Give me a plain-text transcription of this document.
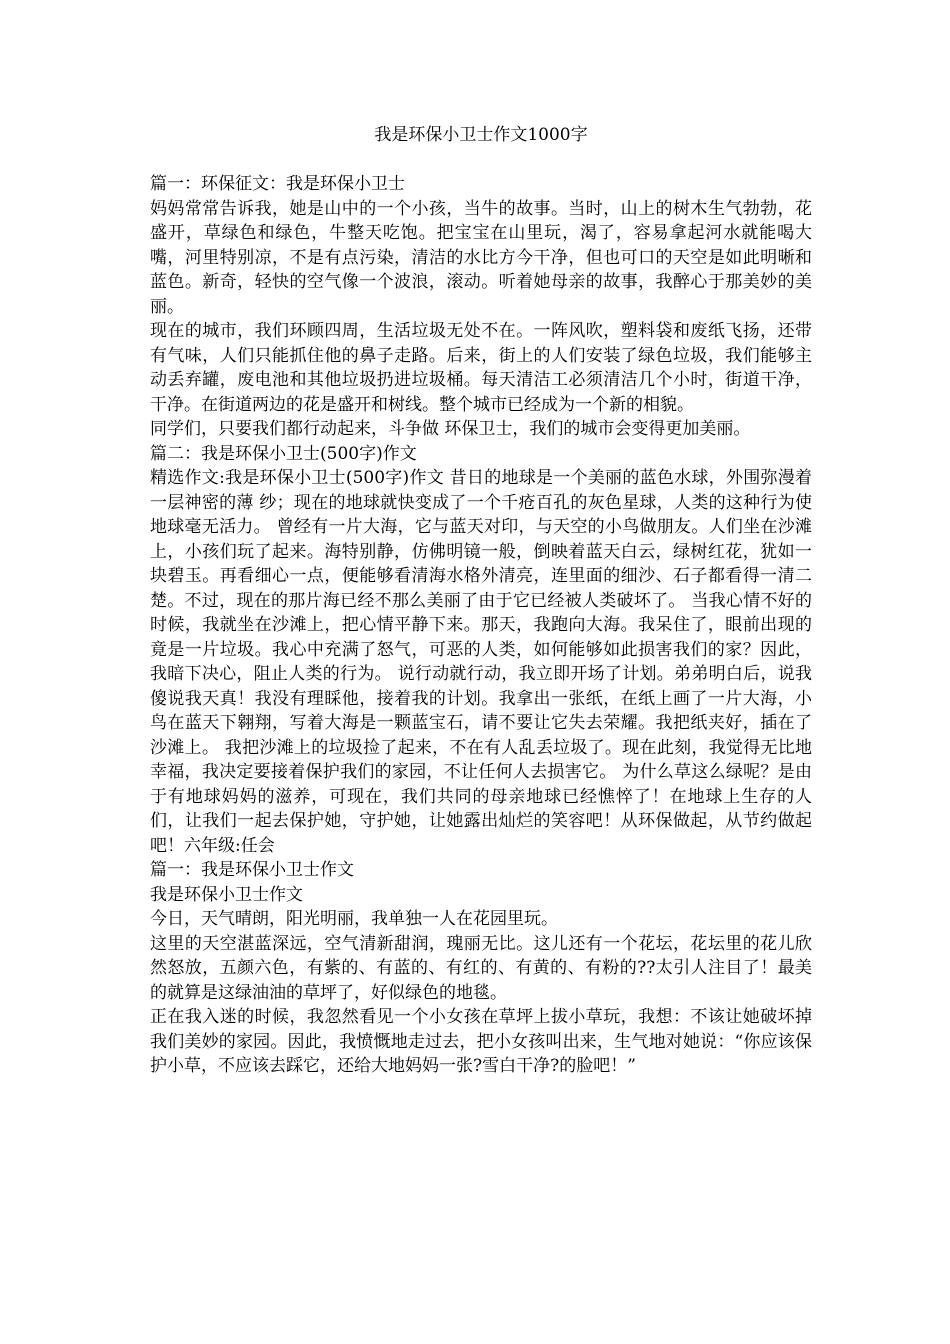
我是环保小卫士作文1000字

篇一：环保征文：我是环保小卫士

妈妈常常告诉我，她是山中的一个小孩，当牛的故事。当时，山上的树木生气勃勃，花盛开，草绿色和绿色，牛整天吃饱。把宝宝在山里玩，渴了，容易拿起河水就能喝大嘴，河里特别凉，不是有点污染，清洁的水比方今干净，但也可口的天空是如此明晰和蓝色。新奇，轻快的空气像一个波浪，滚动。听着她母亲的故事，我醉心于那美妙的美丽。

现在的城市，我们环顾四周，生活垃圾无处不在。一阵风吹，塑料袋和废纸飞扬，还带有气味，人们只能抓住他的鼻子走路。后来，街上的人们安装了绿色垃圾，我们能够主动丢弃罐，废电池和其他垃圾扔进垃圾桶。每天清洁工必须清洁几个小时，街道干净，干净。在街道两边的花是盛开和树线。整个城市已经成为一个新的相貌。

同学们，只要我们都行动起来，斗争做 环保卫士，我们的城市会变得更加美丽。

篇二：我是环保小卫士(500字)作文

精选作文:我是环保小卫士(500字)作文 昔日的地球是一个美丽的蓝色水球，外围弥漫着一层神密的薄 纱；现在的地球就快变成了一个千疮百孔的灰色星球，人类的这种行为使地球毫无活力。 曾经有一片大海，它与蓝天对印，与天空的小鸟做朋友。人们坐在沙滩上，小孩们玩了起来。海特别静，仿佛明镜一般，倒映着蓝天白云，绿树红花，犹如一块碧玉。再看细心一点，便能够看清海水格外清亮，连里面的细沙、石子都看得一清二楚。不过，现在的那片海已经不那么美丽了由于它已经被人类破坏了。 当我心情不好的时候，我就坐在沙滩上，把心情平静下来。那天，我跑向大海。我呆住了，眼前出现的竟是一片垃圾。我心中充满了怒气，可恶的人类，如何能够如此损害我们的家？因此，我暗下决心，阻止人类的行为。 说行动就行动，我立即开场了计划。弟弟明白后，说我傻说我天真！我没有理睬他，接着我的计划。我拿出一张纸，在纸上画了一片大海，小鸟在蓝天下翱翔，写着大海是一颗蓝宝石，请不要让它失去荣耀。我把纸夹好，插在了沙滩上。 我把沙滩上的垃圾捡了起来，不在有人乱丢垃圾了。现在此刻，我觉得无比地幸福，我决定要接着保护我们的家园，不让任何人去损害它。 为什么草这么绿呢？是由于有地球妈妈的滋养，可现在，我们共同的母亲地球已经憔悴了！在地球上生存的人们，让我们一起去保护她，守护她，让她露出灿烂的笑容吧！从环保做起，从节约做起吧！六年级:任会

篇一：我是环保小卫士作文

我是环保小卫士作文

今日，天气晴朗，阳光明丽，我单独一人在花园里玩。

这里的天空湛蓝深远，空气清新甜润，瑰丽无比。这儿还有一个花坛，花坛里的花儿欣然怒放，五颜六色，有紫的、有蓝的、有红的、有黄的、有粉的??太引人注目了！最美的就算是这绿油油的草坪了，好似绿色的地毯。

正在我入迷的时候，我忽然看见一个小女孩在草坪上拔小草玩，我想：不该让她破坏掉我们美妙的家园。因此，我愤慨地走过去，把小女孩叫出来，生气地对她说：“你应该保护小草，不应该去踩它，还给大地妈妈一张?雪白干净?的脸吧！”
